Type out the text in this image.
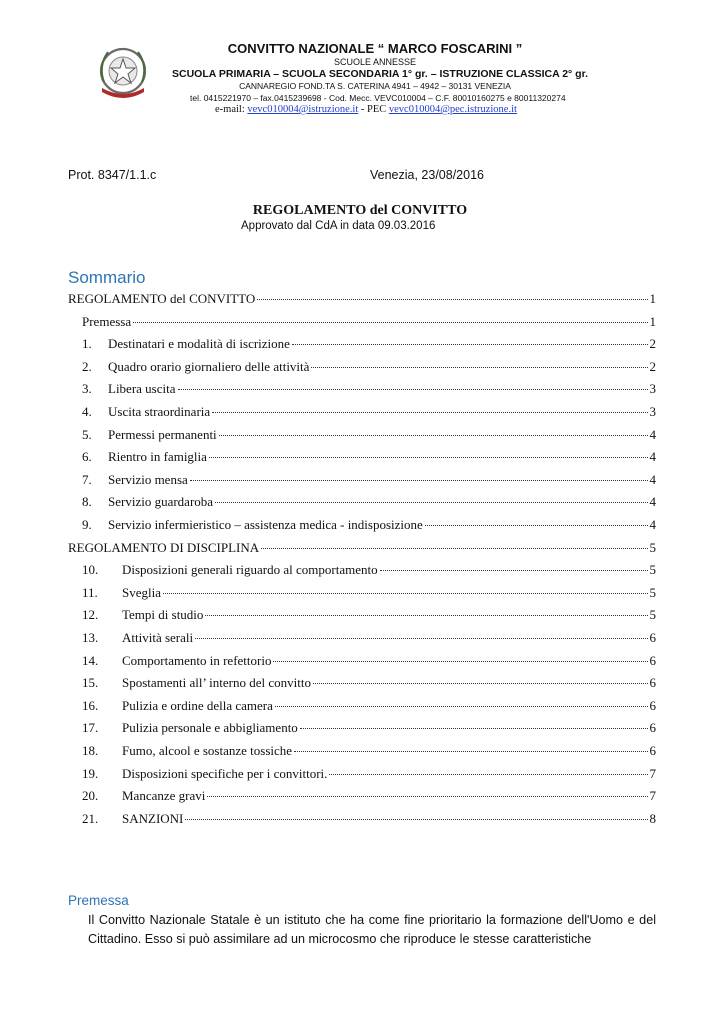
CONVITTO NAZIONALE “ MARCO FOSCARINI ”
SCUOLE ANNESSE
SCUOLA PRIMARIA – SCUOLA SECONDARIA 1° gr. – ISTRUZIONE CLASSICA 2° gr.
CANNAREGIO FOND.TA S. CATERINA 4941 – 4942 – 30131 VENEZIA
tel. 0415221970 – fax.0415239698 - Cod. Mecc. VEVC010004 – C.F. 80010160275 e 80011320274
e-mail: vevc010004@istruzione.it - PEC vevc010004@pec.istruzione.it
Prot. 8347/1.1.c	Venezia, 23/08/2016
REGOLAMENTO del CONVITTO
Approvato dal CdA in data 09.03.2016
Sommario
REGOLAMENTO del CONVITTO	1
Premessa	1
1.	Destinatari e modalità di iscrizione	2
2.	Quadro orario giornaliero delle attività	2
3.	Libera uscita	3
4.	Uscita straordinaria	3
5.	Permessi permanenti	4
6.	Rientro in famiglia	4
7.	Servizio mensa	4
8.	Servizio guardaroba	4
9.	Servizio infermieristico – assistenza medica - indisposizione	4
REGOLAMENTO DI DISCIPLINA	5
10.	Disposizioni generali riguardo al comportamento	5
11.	Sveglia	5
12.	Tempi di studio	5
13.	Attività serali	6
14.	Comportamento in refettorio	6
15.	Spostamenti all’ interno del convitto	6
16.	Pulizia e ordine della camera	6
17.	Pulizia personale e abbigliamento	6
18.	Fumo, alcool e sostanze tossiche	6
19.	Disposizioni specifiche per i convittori.	7
20.	Mancanze gravi	7
21.	SANZIONI	8
Premessa
Il Convitto Nazionale Statale è un istituto che ha come fine prioritario la formazione dell'Uomo e del Cittadino. Esso si può assimilare ad un microcosmo che riproduce le stesse caratteristiche
